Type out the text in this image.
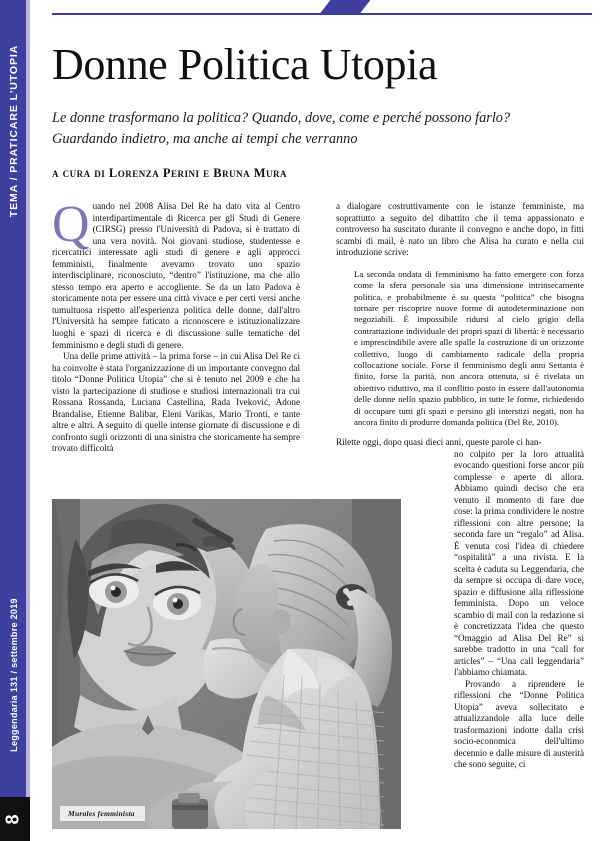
TEMA / PRATICARE L'UTOPIA
Leggendaria 131 / settembre 2019
8
Donne Politica Utopia
Le donne trasformano la politica? Quando, dove, come e perché possono farlo?
Guardando indietro, ma anche ai tempi che verranno
a cura di Lorenza Perini e Bruna Mura

Quando nel 2008 Alisa Del Re ha dato vita al Centro interdipartimentale di Ricerca per gli Studi di Genere (CIRSG) presso l'Università di Padova, si è trattato di una vera novità. Noi giovani studiose, studentesse e ricercatrici interessate agli studi di genere e agli approcci femministi, finalmente avevamo trovato uno spazio interdisciplinare, riconosciuto, “dentro” l'istituzione, ma che allo stesso tempo era aperto e accogliente. Se da un lato Padova è storicamente nota per essere una città vivace e per certi versi anche tumultuosa rispetto all'esperienza politica delle donne, dall'altro l'Università ha sempre faticato a riconoscere e istituzionalizzare luoghi e spazi di ricerca e di discussione sulle tematiche del femminismo e degli studi di genere.

Una delle prime attività – la prima forse – in cui Alisa Del Re ci ha coinvolte è stata l'organizzazione di un importante convegno dal titolo “Donne Politica Utopia” che si è tenuto nel 2009 e che ha visto la partecipazione di studiose e studiosi internazionali tra cui Rossana Rossanda, Luciana Castellina, Rada Iveković, Adone Brandalise, Etienne Balibar, Eleni Varikas, Mario Tronti, e tante altre e altri. A seguito di quelle intense giornate di discussione e di confronto sugli orizzonti di una sinistra che storicamente ha sempre trovato difficoltà

a dialogare costruttivamente con le istanze femministe, ma soprattutto a seguito del dibattito che il tema appassionato e controverso ha suscitato durante il convegno e anche dopo, in fitti scambi di mail, è nato un libro che Alisa ha curato e nella cui introduzione scrive:

La seconda ondata di femminismo ha fatto emergere con forza come la sfera personale sia una dimensione intrinsecamente politica, e probabilmente è su questa “politica” che bisogna tornare per riscoprire nuove forme di autodeterminazione non negoziabili. È impossibile ridursi al cielo grigio della contrattazione individuale dei propri spazi di libertà: è necessario e imprescindibile avere alle spalle la costruzione di un orizzonte collettivo, luogo di cambiamento radicale della propria collocazione sociale. Forse il femminismo degli anni Settanta è finito, forse la parità, non ancora ottenuta, si è rivelata un obiettivo riduttivo, ma il conflitto posto in essere dall'autonomia delle donne nello spazio pubblico, in tutte le forme, richiedendo di occupare tutti gli spazi e persino gli interstizi negati, non ha ancora finito di produrre domanda politica (Del Re, 2010).

Rilette oggi, dopo quasi dieci anni, queste parole ci han-

no colpito per la loro attualità evocando questioni forse ancor più complesse e aperte di allora. Abbiamo quindi deciso che era venuto il momento di fare due cose: la prima condividere le nostre riflessioni con altre persone; la seconda fare un “regalo” ad Alisa. È venuta così l'idea di chiedere “ospitalità” a una rivista. E la scelta è caduta su Leggendaria, che da sempre si occupa di dare voce, spazio e diffusione alla riflessione femminista. Dopo un veloce scambio di mail con la redazione si è concretizzata l'idea che questo “Omaggio ad Alisa Del Re” si sarebbe tradotto in una “call for articles” – “Una call leggendaria” l'abbiamo chiamata.

Provando a riprendere le riflessioni che “Donne Politica Utopia” aveva sollecitato e attualizzandole alla luce delle trasformazioni indotte dalla crisi socio-economica dell'ultimo decennio e dalle misure di austerità che sono seguite, ci

Murales femminista
